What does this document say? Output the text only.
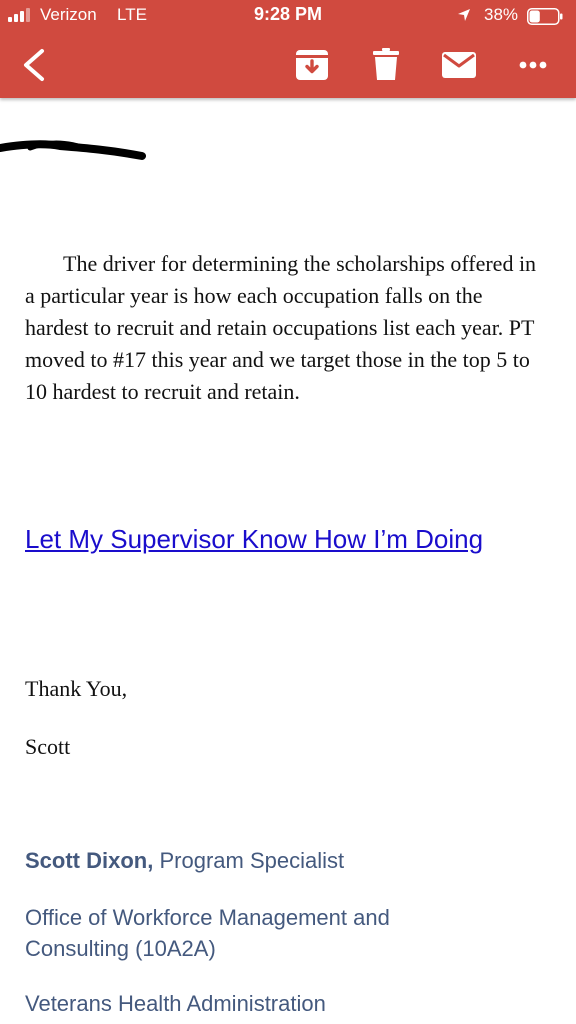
Verizon LTE	9:28 PM	38%

The driver for determining the scholarships offered in a particular year is how each occupation falls on the hardest to recruit and retain occupations list each year. PT moved to #17 this year and we target those in the top 5 to 10 hardest to recruit and retain.

Let My Supervisor Know How I’m Doing

Thank You,

Scott

Scott Dixon, Program Specialist

Office of Workforce Management and Consulting (10A2A)

Veterans Health Administration
